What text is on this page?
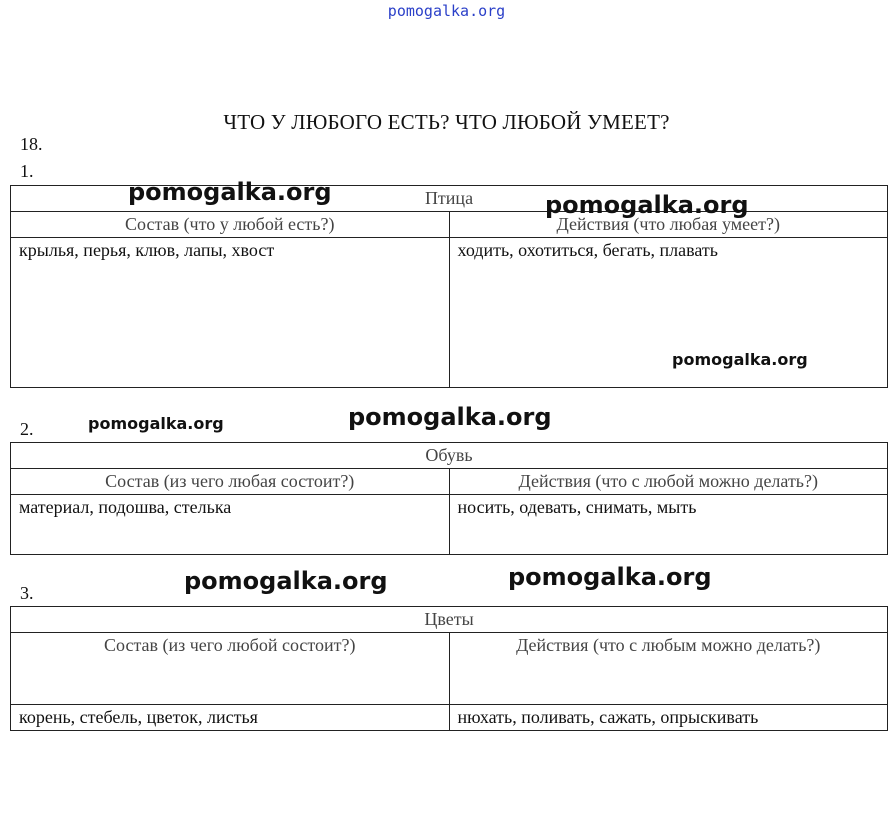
pomogalka.org
ЧТО У ЛЮБОГО ЕСТЬ? ЧТО ЛЮБОЙ УМЕЕТ?
18.
1.
Птица	
Состав (что у любой есть?)	Действия (что любая умеет?)
крылья, перья, клюв, лапы, хвост	ходить, охотиться, бегать, плавать
2.
Обувь	
Состав (из чего любая состоит?)	Действия (что с любой можно делать?)
материал, подошва, стелька	носить, одевать, снимать, мыть
3.
Цветы	
Состав (из чего любой состоит?)	Действия (что с любым можно делать?)
корень, стебель, цветок, листья	нюхать, поливать, сажать, опрыскивать
pomogalka.org	pomogalka.org
pomogalka.org
pomogalka.org	pomogalka.org
pomogalka.org	pomogalka.org
